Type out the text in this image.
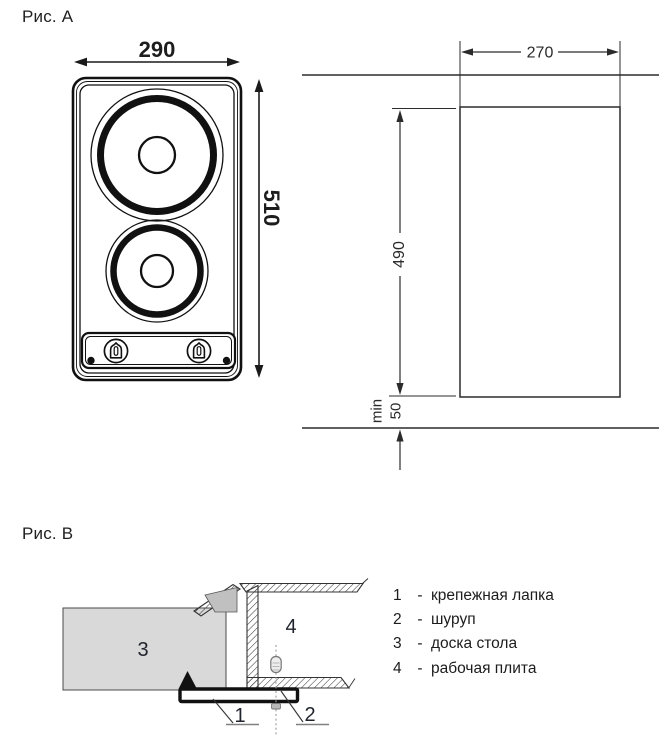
Рис. А
Рис. В
290
510
270
490
min 50
1	2
3
4
1	- крепежная лапка
2	- шуруп
3	- доска стола
4	- рабочая плита
